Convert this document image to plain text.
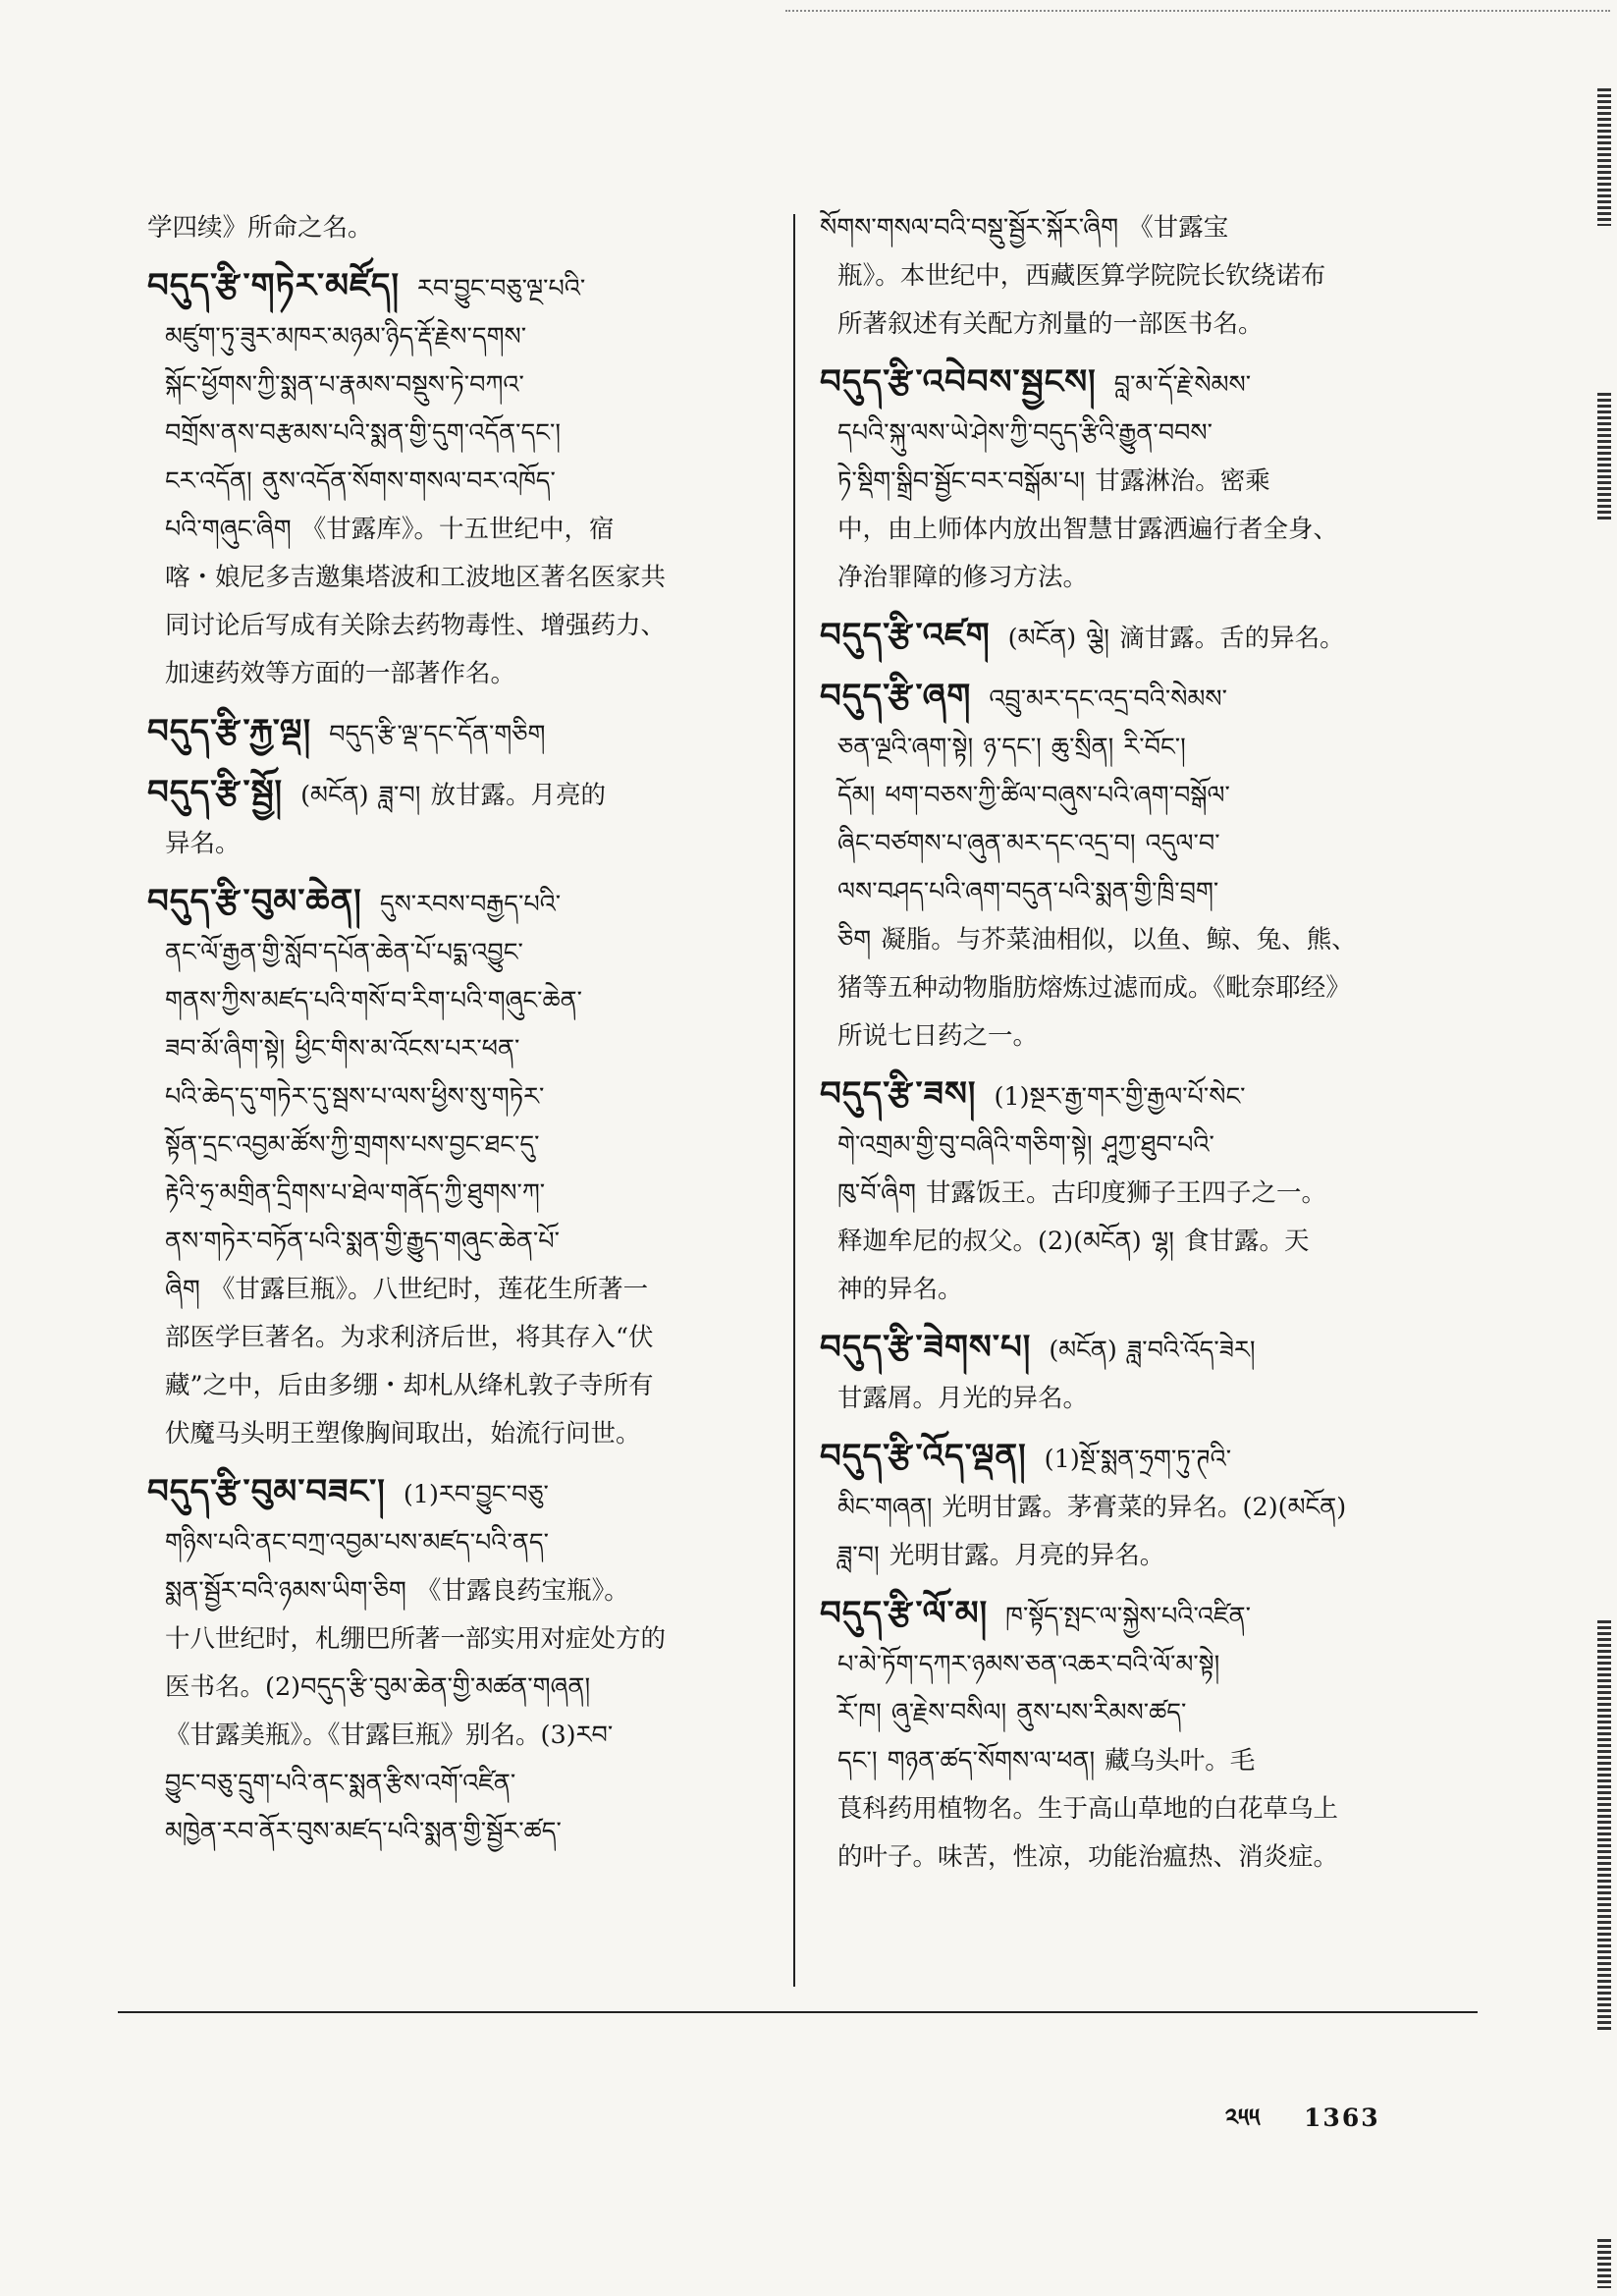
学四续》所命之名。
བདུད་རྩི་གཏེར་མཛོད། རབ་བྱུང་བཅུ་ལྔ་པའི་
མཛུག་ཏུ་ཟུར་མཁར་མཉམ་ཉིད་རྡོ་རྗེས་དགས་
སྐོང་ཕྱོགས་ཀྱི་སྨན་པ་རྣམས་བསྡུས་ཏེ་བཀའ་
བགྲོས་ནས་བརྩམས་པའི་སྨན་གྱི་དུག་འདོན་དང་།
ངར་འདོན། ནུས་འདོན་སོགས་གསལ་བར་འཁོད་
པའི་གཞུང་ཞིག 《甘露库》。十五世纪中，宿
喀・娘尼多吉邀集塔波和工波地区著名医家共
同讨论后写成有关除去药物毒性、增强药力、
加速药效等方面的一部著作名。
བདུད་རྩི་རྐྱ་ལྡ། བདུད་རྩི་ལྡ་དང་དོན་གཅིག
བདུད་རྩི་སྦྱོ། (མངོན) ཟླ་བ། 放甘露。月亮的
异名。
བདུད་རྩི་བུམ་ཆེན། དུས་རབས་བརྒྱད་པའི་
ནང་ལོ་རྒྱན་གྱི་སློབ་དཔོན་ཆེན་པོ་པདྨ་འབྱུང་
གནས་ཀྱིས་མཛད་པའི་གསོ་བ་རིག་པའི་གཞུང་ཆེན་
ཟབ་མོ་ཞིག་སྟེ། ཕྱིང་གིས་མ་འོངས་པར་ཕན་
པའི་ཆེད་དུ་གཏེར་དུ་སྦས་པ་ལས་ཕྱིས་སུ་གཏེར་
སྟོན་དྲང་འབྱམ་ཚོས་ཀྱི་གྲགས་པས་བྱང་ཐང་དུ་
རྟེའི་ཧྲ་མགྲིན་དྲིགས་པ་ཐེལ་གནོད་ཀྱི་ཐུགས་ཀ་
ནས་གཏེར་བཏོན་པའི་སྨན་གྱི་རྒྱུད་གཞུང་ཆེན་པོ་
ཞིག 《甘露巨瓶》。八世纪时，莲花生所著一
部医学巨著名。为求利济后世，将其存入“伏
藏”之中，后由多绷・却札从绛札敦子寺所有
伏魔马头明王塑像胸间取出，始流行问世。
བདུད་རྩི་བུམ་བཟང་། (1)རབ་བྱུང་བཅུ་
གཉིས་པའི་ནང་བཀྲ་འབྱམ་པས་མཛད་པའི་ནད་
སྨན་སྦྱོར་བའི་ཉམས་ཡིག་ཅིག 《甘露良药宝瓶》。
十八世纪时，札绷巴所著一部实用对症处方的
医书名。(2)བདུད་རྩི་བུམ་ཆེན་གྱི་མཚན་གཞན།
《甘露美瓶》。《甘露巨瓶》别名。(3)རབ་
བྱུང་བཅུ་དྲུག་པའི་ནང་སྨན་རྩིས་འགོ་འཛིན་
མཁྱེན་རབ་ནོར་བུས་མཛད་པའི་སྨན་གྱི་སྦྱོར་ཚད་
སོགས་གསལ་བའི་བསྡུ་སྦྱོར་སྐོར་ཞིག 《甘露宝
瓶》。本世纪中，西藏医算学院院长钦绕诺布
所著叙述有关配方剂量的一部医书名。
བདུད་རྩི་འབེབས་སྦྱངས། བླ་མ་དོ་རྗེ་སེམས་
དཔའི་སྐུ་ལས་ཡེ་ཤེས་ཀྱི་བདུད་རྩིའི་རྒྱུན་བབས་
ཏེ་སྡིག་སྒྲིབ་སྦྱོང་བར་བསྒོམ་པ། 甘露淋治。密乘
中，由上师体内放出智慧甘露洒遍行者全身、
净治罪障的修习方法。
བདུད་རྩི་འཛག (མངོན) ལྕེ། 滴甘露。舌的异名。
བདུད་རྩི་ཞག འབྲུ་མར་དང་འདྲ་བའི་སེམས་
ཅན་ལྔའི་ཞག་སྟེ། ཉ་དང་། ཆུ་སྲིན། རི་བོང་།
དོམ། ཕག་བཅས་ཀྱི་ཚིལ་བཞུས་པའི་ཞག་བསྒོལ་
ཞིང་བཙགས་པ་ཞུན་མར་དང་འདྲ་བ། འདུལ་བ་
ལས་བཤད་པའི་ཞག་བདུན་པའི་སྨན་གྱི་ཁྲི་བྲག་
ཅིག 凝脂。与芥菜油相似，以鱼、鲸、兔、熊、
猪等五种动物脂肪熔炼过滤而成。《毗奈耶经》
所说七日药之一。
བདུད་རྩི་ཟས། (1)སྔར་རྒྱ་གར་གྱི་རྒྱལ་པོ་སེང་
གེ་འགྲམ་གྱི་བུ་བཞིའི་གཅིག་སྟེ། ཤཱཀྱ་ཐུབ་པའི་
ཁུ་བོ་ཞིག 甘露饭王。古印度狮子王四子之一。
释迦牟尼的叔父。(2)(མངོན) ལྷ། 食甘露。天
神的异名。
བདུད་རྩི་ཟེགས་པ། (མངོན) ཟླ་བའི་འོད་ཟེར།
甘露屑。月光的异名。
བདུད་རྩི་འོད་ལྡན། (1)སྔོ་སྨན་ཧྲག་ཏུ་ཊའི་
མིང་གཞན། 光明甘露。茅膏菜的异名。(2)(མངོན)
ཟླ་བ། 光明甘露。月亮的异名。
བདུད་རྩི་ལོ་མ། ཁ་སྟོད་སྤང་ལ་སྐྱེས་པའི་འཛིན་
པ་མེ་ཏོག་དཀར་ཉམས་ཅན་འཆར་བའི་ལོ་མ་སྟེ།
རོ་ཁ། ཞུ་རྗེས་བསིལ། ནུས་པས་རིམས་ཚད་
དང་། གཉན་ཚད་སོགས་ལ་ཕན། 藏乌头叶。毛
茛科药用植物名。生于高山草地的白花草乌上
的叶子。味苦，性凉，功能治瘟热、消炎症。
༢༥༥ 1363
